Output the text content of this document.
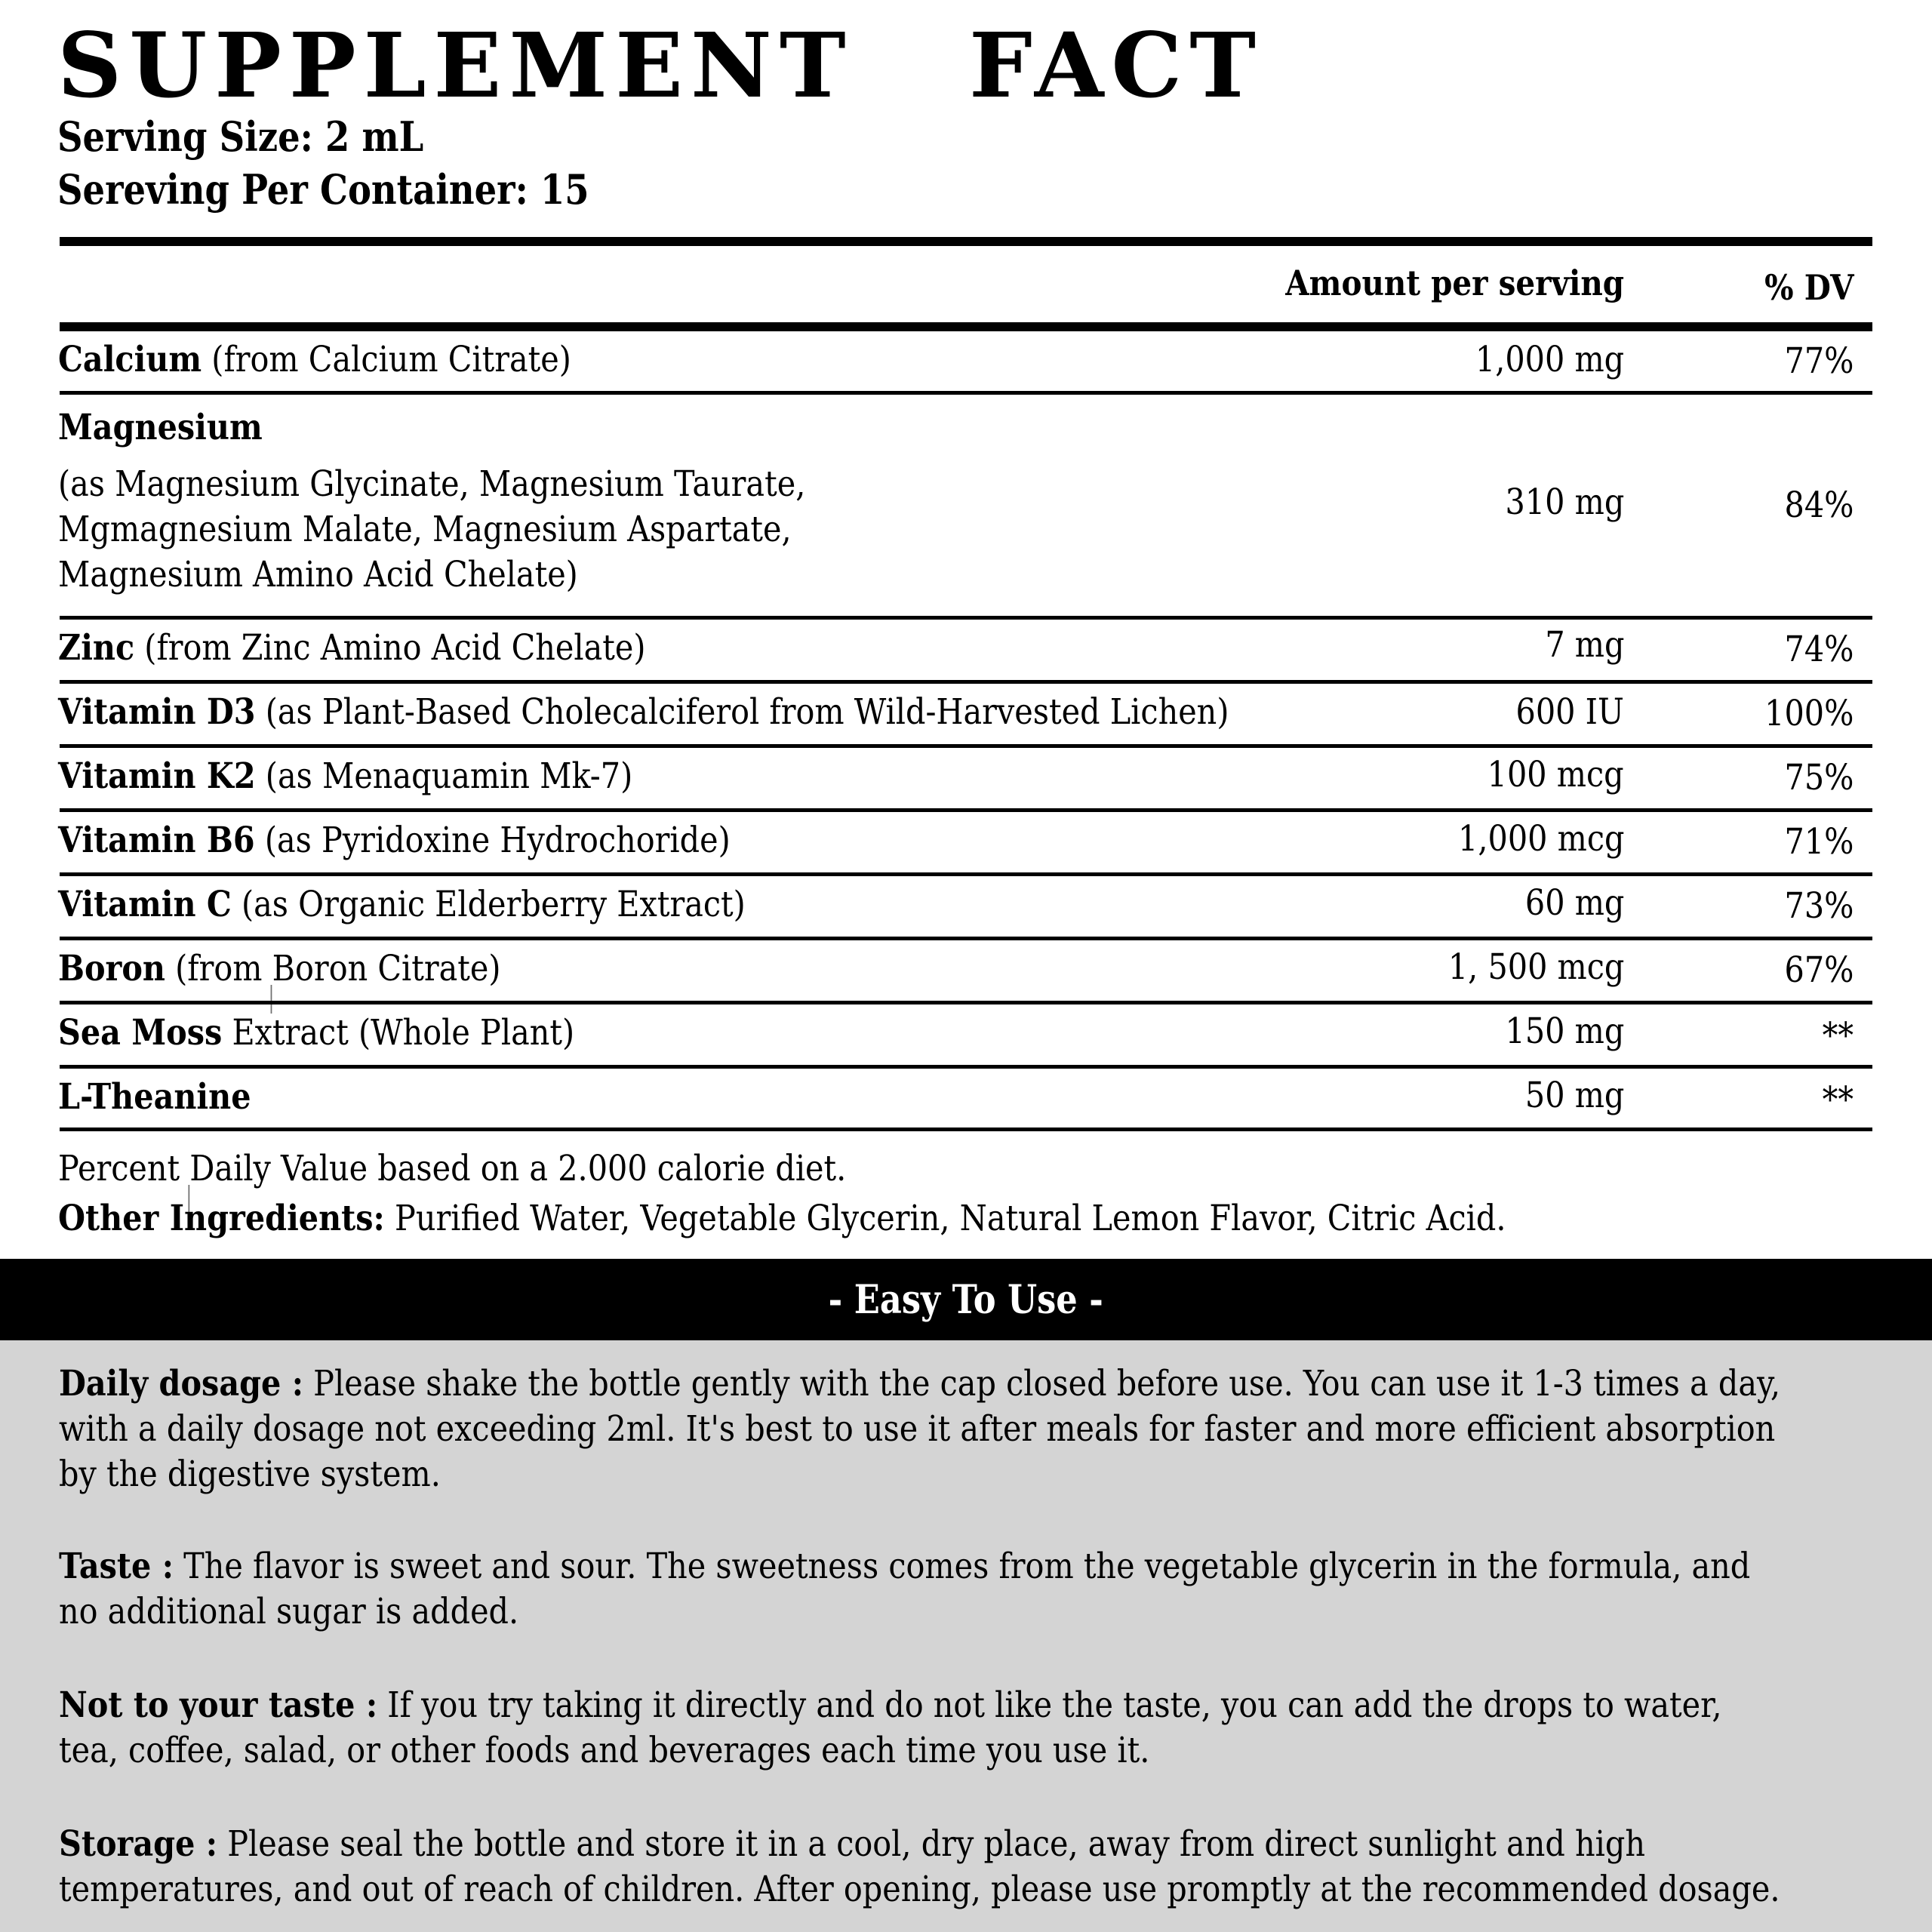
SUPPLEMENT   FACT
Serving Size: 2 mL
Sereving Per Container: 15
Amount per serving	% DV
Calcium (from Calcium Citrate)	1,000 mg	77%
Magnesium
(as Magnesium Glycinate, Magnesium Taurate,
Mgmagnesium Malate, Magnesium Aspartate,
Magnesium Amino Acid Chelate)
310 mg	84%
Zinc (from Zinc Amino Acid Chelate)	7 mg	74%
Vitamin D3 (as Plant-Based Cholecalciferol from Wild-Harvested Lichen)	600 IU	100%
Vitamin K2 (as Menaquamin Mk-7)	100 mcg	75%
Vitamin B6 (as Pyridoxine Hydrochoride)	1,000 mcg	71%
Vitamin C (as Organic Elderberry Extract)	60 mg	73%
Boron (from Boron Citrate)	1, 500 mcg	67%
Sea Moss Extract (Whole Plant)	150 mg	**
L-Theanine	50 mg	**
Percent Daily Value based on a 2.000 calorie diet.
Other Ingredients: Purified Water, Vegetable Glycerin, Natural Lemon Flavor, Citric Acid.
- Easy To Use -
Daily dosage : Please shake the bottle gently with the cap closed before use. You can use it 1-3 times a day,
with a daily dosage not exceeding 2ml. It's best to use it after meals for faster and more efficient absorption
by the digestive system.
Taste : The flavor is sweet and sour. The sweetness comes from the vegetable glycerin in the formula, and
no additional sugar is added.
Not to your taste : If you try taking it directly and do not like the taste, you can add the drops to water,
tea, coffee, salad, or other foods and beverages each time you use it.
Storage : Please seal the bottle and store it in a cool, dry place, away from direct sunlight and high
temperatures, and out of reach of children. After opening, please use promptly at the recommended dosage.
